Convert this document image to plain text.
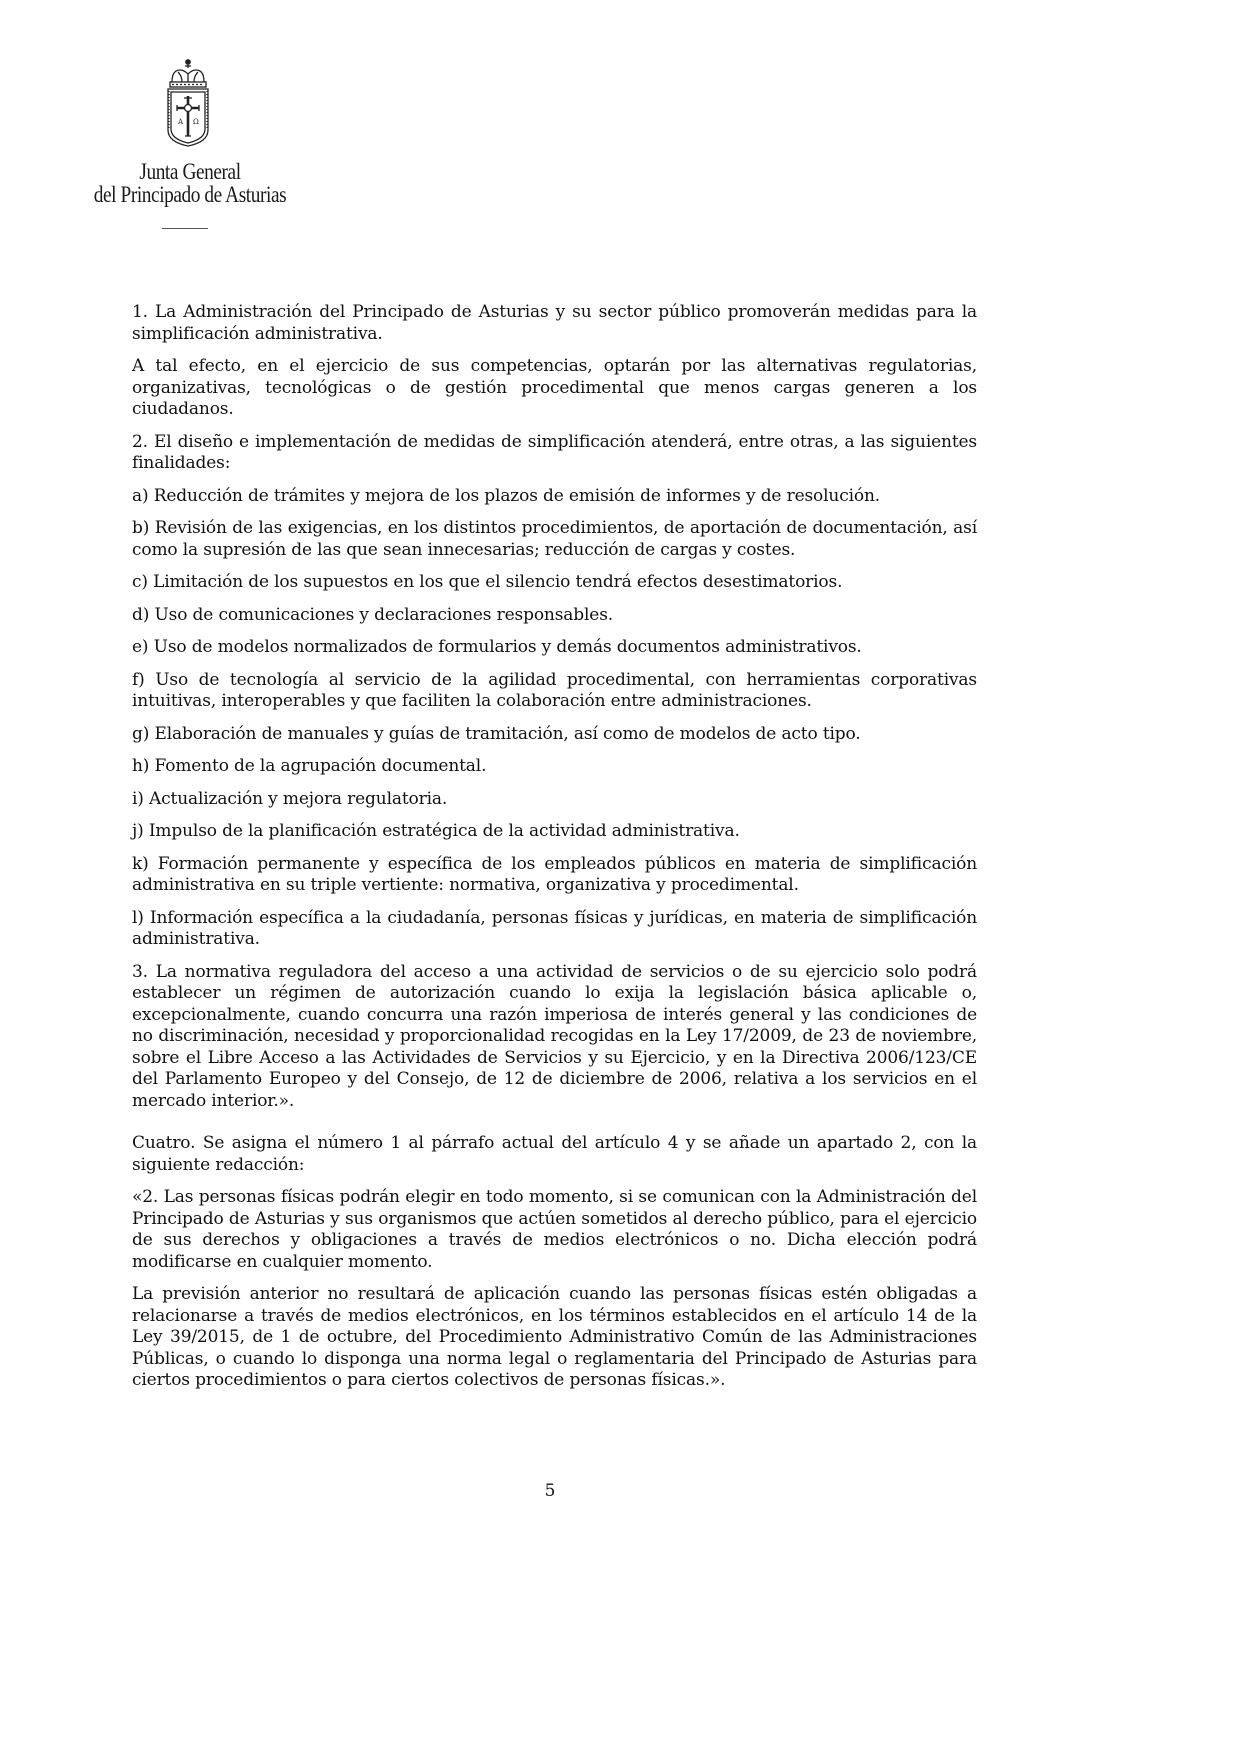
A Ω
Junta General
del Principado de Asturias

1. La Administración del Principado de Asturias y su sector público promoverán medidas para la simplificación administrativa.

A tal efecto, en el ejercicio de sus competencias, optarán por las alternativas regulatorias, organizativas, tecnológicas o de gestión procedimental que menos cargas generen a los ciudadanos.

2. El diseño e implementación de medidas de simplificación atenderá, entre otras, a las siguientes finalidades:

a) Reducción de trámites y mejora de los plazos de emisión de informes y de resolución.

b) Revisión de las exigencias, en los distintos procedimientos, de aportación de documentación, así como la supresión de las que sean innecesarias; reducción de cargas y costes.

c) Limitación de los supuestos en los que el silencio tendrá efectos desestimatorios.

d) Uso de comunicaciones y declaraciones responsables.

e) Uso de modelos normalizados de formularios y demás documentos administrativos.

f) Uso de tecnología al servicio de la agilidad procedimental, con herramientas corporativas intuitivas, interoperables y que faciliten la colaboración entre administraciones.

g) Elaboración de manuales y guías de tramitación, así como de modelos de acto tipo.

h) Fomento de la agrupación documental.

i) Actualización y mejora regulatoria.

j) Impulso de la planificación estratégica de la actividad administrativa.

k) Formación permanente y específica de los empleados públicos en materia de simplificación administrativa en su triple vertiente: normativa, organizativa y procedimental.

l) Información específica a la ciudadanía, personas físicas y jurídicas, en materia de simplificación administrativa.

3. La normativa reguladora del acceso a una actividad de servicios o de su ejercicio solo podrá establecer un régimen de autorización cuando lo exija la legislación básica aplicable o, excepcionalmente, cuando concurra una razón imperiosa de interés general y las condiciones de no discriminación, necesidad y proporcionalidad recogidas en la Ley 17/2009, de 23 de noviembre, sobre el Libre Acceso a las Actividades de Servicios y su Ejercicio, y en la Directiva 2006/123/CE del Parlamento Europeo y del Consejo, de 12 de diciembre de 2006, relativa a los servicios en el mercado interior.».

Cuatro. Se asigna el número 1 al párrafo actual del artículo 4 y se añade un apartado 2, con la siguiente redacción:

«2. Las personas físicas podrán elegir en todo momento, si se comunican con la Administración del Principado de Asturias y sus organismos que actúen sometidos al derecho público, para el ejercicio de sus derechos y obligaciones a través de medios electrónicos o no. Dicha elección podrá modificarse en cualquier momento.

La previsión anterior no resultará de aplicación cuando las personas físicas estén obligadas a relacionarse a través de medios electrónicos, en los términos establecidos en el artículo 14 de la Ley 39/2015, de 1 de octubre, del Procedimiento Administrativo Común de las Administraciones Públicas, o cuando lo disponga una norma legal o reglamentaria del Principado de Asturias para ciertos procedimientos o para ciertos colectivos de personas físicas.».

5
